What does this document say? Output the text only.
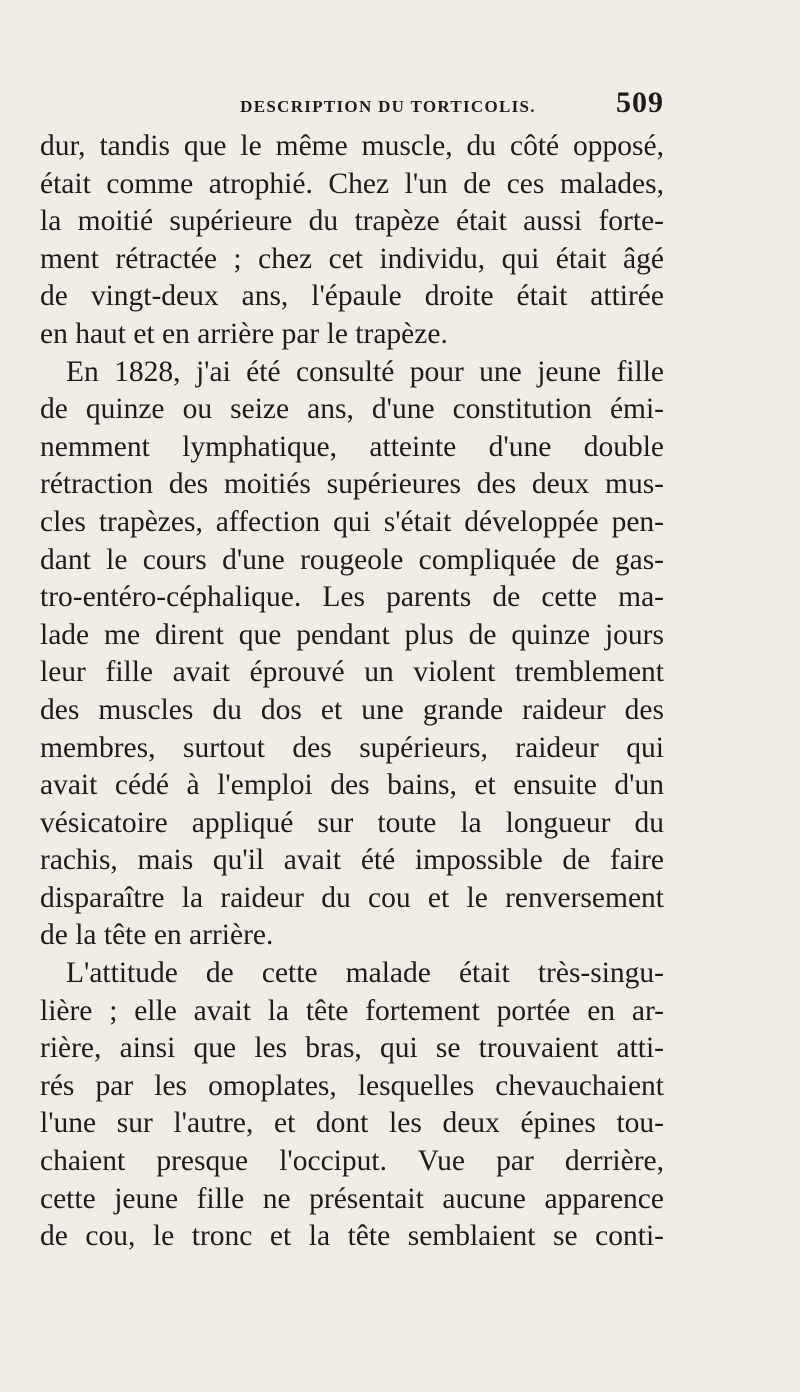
DESCRIPTION DU TORTICOLIS.	509
dur, tandis que le même muscle, du côté opposé,
était comme atrophié. Chez l'un de ces malades,
la moitié supérieure du trapèze était aussi forte-
ment rétractée ; chez cet individu, qui était âgé
de vingt-deux ans, l'épaule droite était attirée
en haut et en arrière par le trapèze.
En 1828, j'ai été consulté pour une jeune fille
de quinze ou seize ans, d'une constitution émi-
nemment lymphatique, atteinte d'une double
rétraction des moitiés supérieures des deux mus-
cles trapèzes, affection qui s'était développée pen-
dant le cours d'une rougeole compliquée de gas-
tro-entéro-céphalique. Les parents de cette ma-
lade me dirent que pendant plus de quinze jours
leur fille avait éprouvé un violent tremblement
des muscles du dos et une grande raideur des
membres, surtout des supérieurs, raideur qui
avait cédé à l'emploi des bains, et ensuite d'un
vésicatoire appliqué sur toute la longueur du
rachis, mais qu'il avait été impossible de faire
disparaître la raideur du cou et le renversement
de la tête en arrière.
L'attitude de cette malade était très-singu-
lière ; elle avait la tête fortement portée en ar-
rière, ainsi que les bras, qui se trouvaient atti-
rés par les omoplates, lesquelles chevauchaient
l'une sur l'autre, et dont les deux épines tou-
chaient presque l'occiput. Vue par derrière,
cette jeune fille ne présentait aucune apparence
de cou, le tronc et la tête semblaient se conti-
